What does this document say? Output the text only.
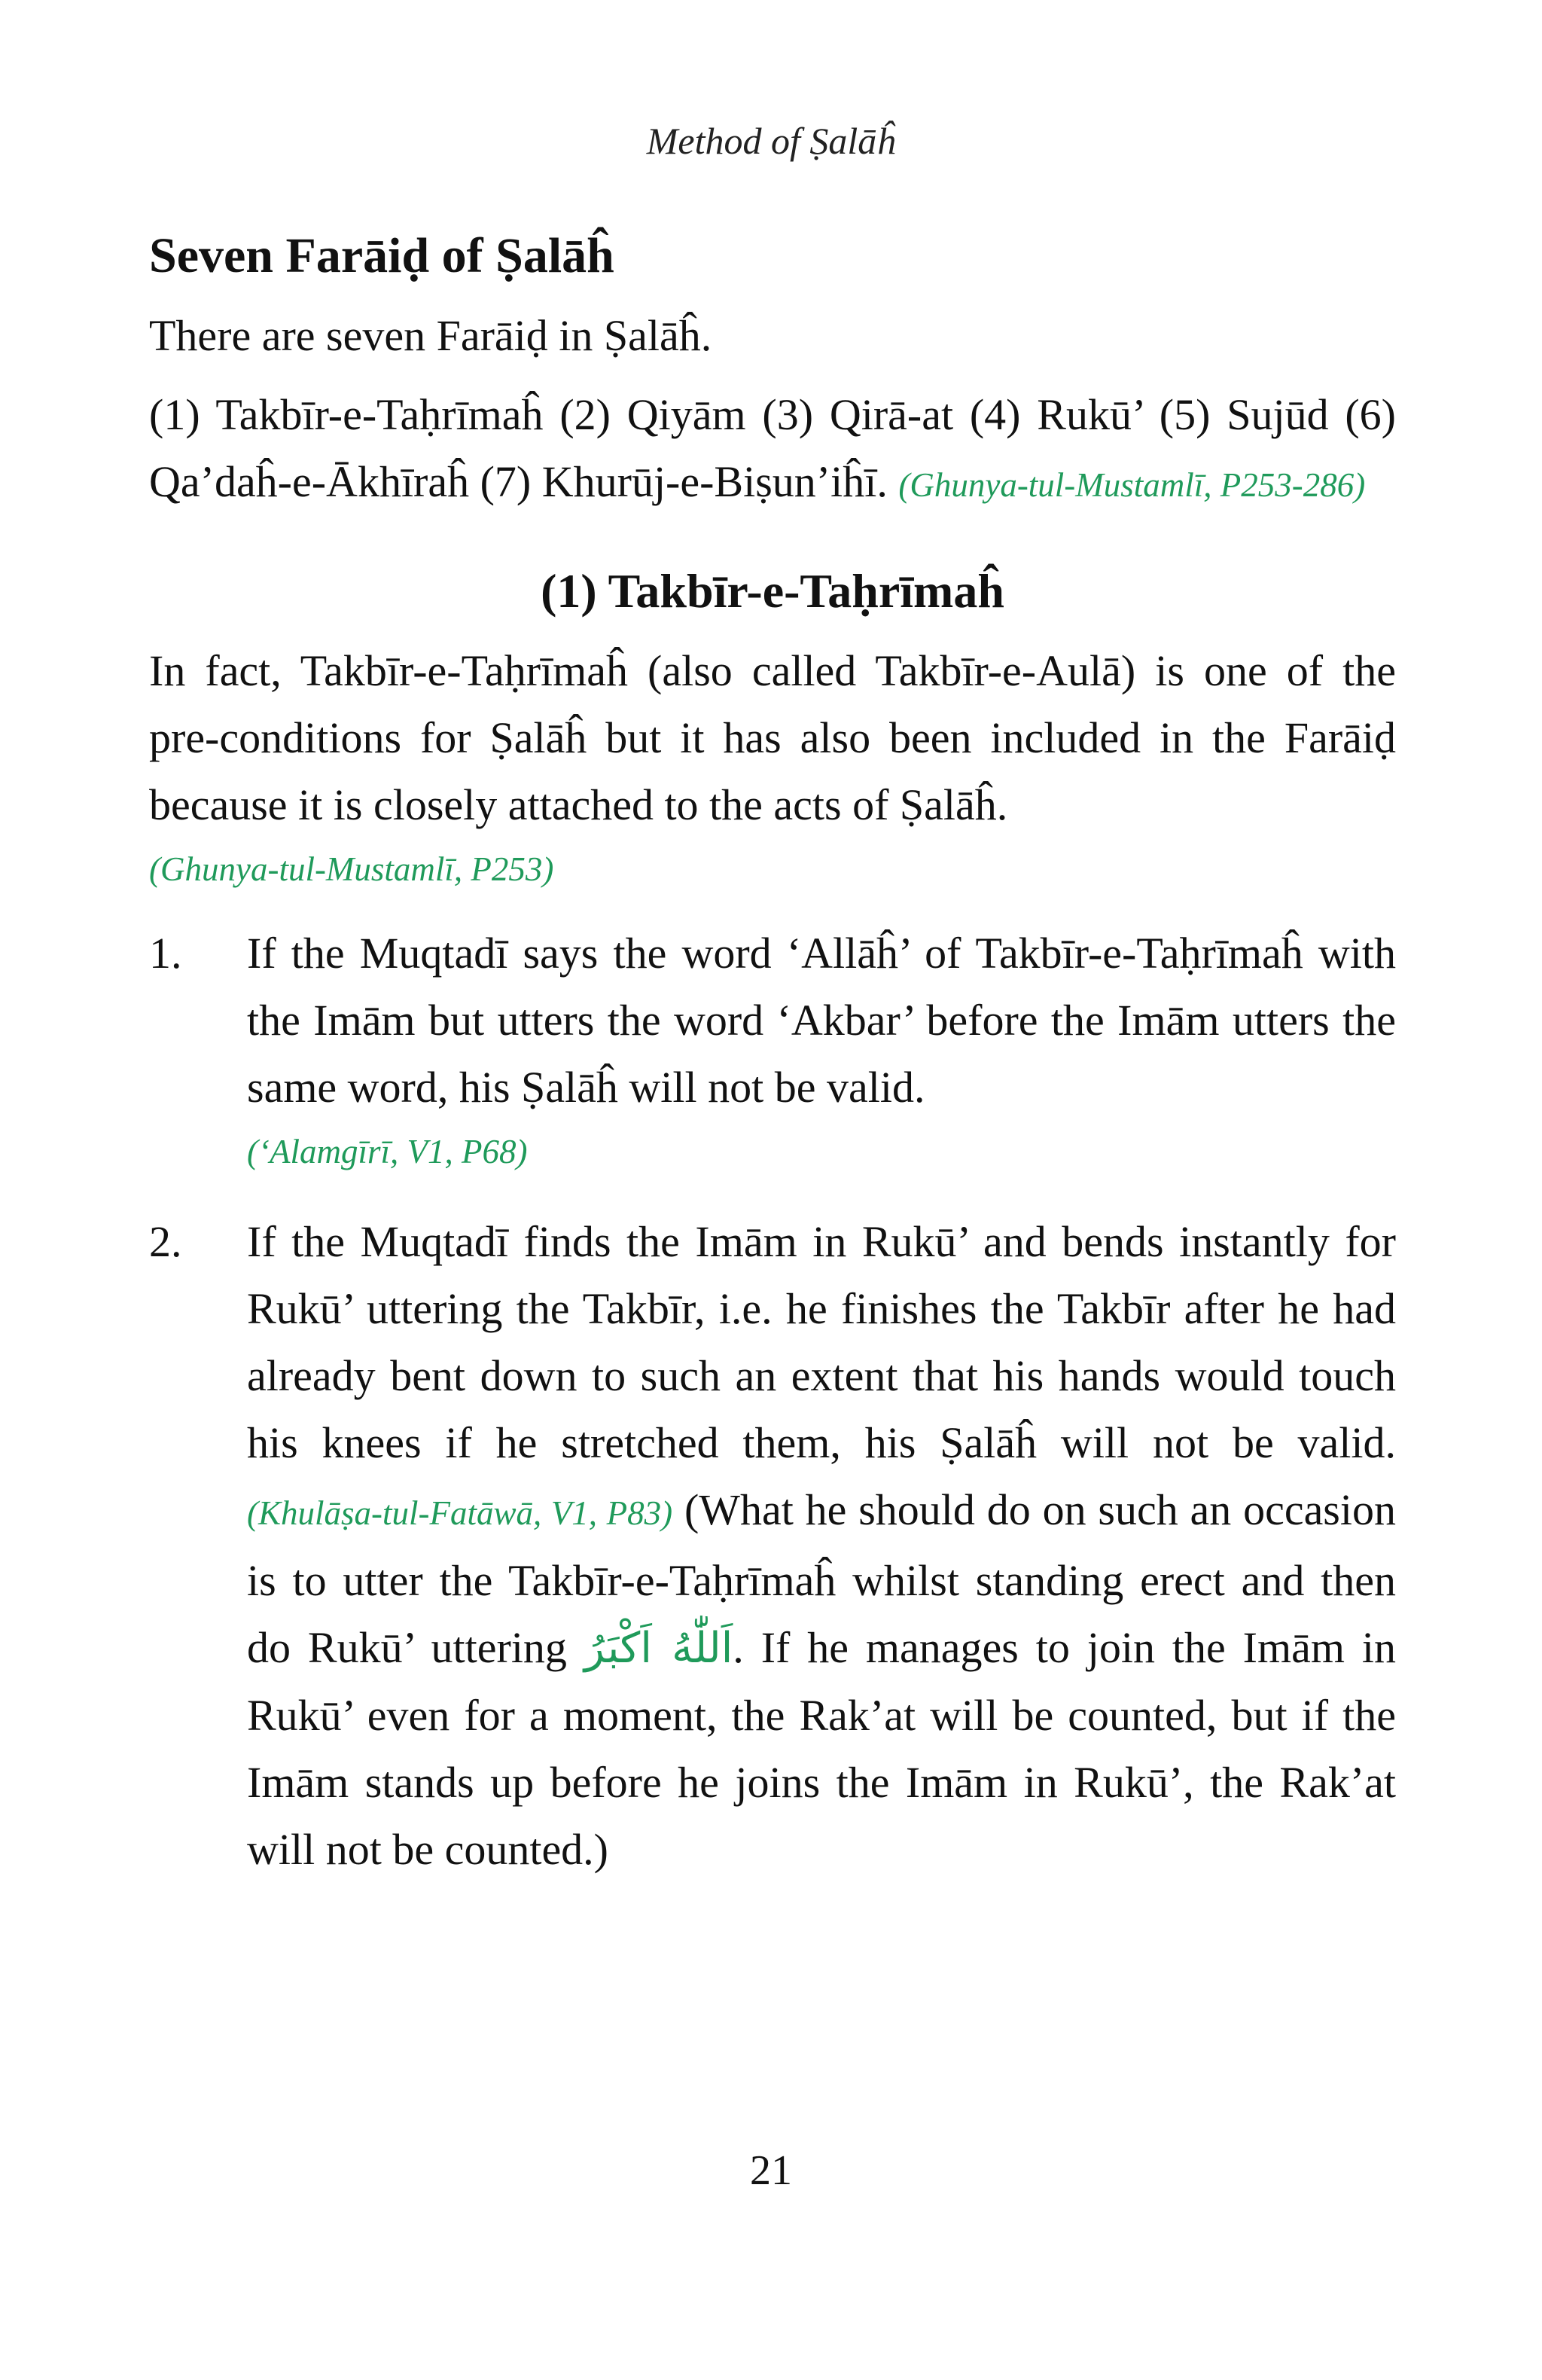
Method of Ṣalāĥ
Seven Farāiḍ of Ṣalāĥ

There are seven Farāiḍ in Ṣalāĥ.

(1) Takbīr-e-Taḥrīmaĥ (2) Qiyām (3) Qirā-at (4) Rukū’ (5) Sujūd (6) Qa’daĥ-e-Ākhīraĥ (7) Khurūj-e-Biṣun’iĥī. (Ghunya-tul-Mustamlī, P253-286)

(1) Takbīr-e-Taḥrīmaĥ

In fact, Takbīr-e-Taḥrīmaĥ (also called Takbīr-e-Aulā) is one of the pre-conditions for Ṣalāĥ but it has also been included in the Farāiḍ because it is closely attached to the acts of Ṣalāĥ.
(Ghunya-tul-Mustamlī, P253)

1.	If the Muqtadī says the word ‘Allāĥ’ of Takbīr-e-Taḥrīmaĥ with the Imām but utters the word ‘Akbar’ before the Imām utters the same word, his Ṣalāĥ will not be valid.
(‘Alamgīrī, V1, P68)
2.	If the Muqtadī finds the Imām in Rukū’ and bends instantly for Rukū’ uttering the Takbīr, i.e. he finishes the Takbīr after he had already bent down to such an extent that his hands would touch his knees if he stretched them, his Ṣalāĥ will not be valid. (Khulāṣa-tul-Fatāwā, V1, P83) (What he should do on such an occasion is to utter the Takbīr-e-Taḥrīmaĥ whilst standing erect and then do Rukū’ uttering اَللّٰهُ اَكْبَرُ. If he manages to join the Imām in Rukū’ even for a moment, the Rak’at will be counted, but if the Imām stands up before he joins the Imām in Rukū’, the Rak’at will not be counted.)
21
